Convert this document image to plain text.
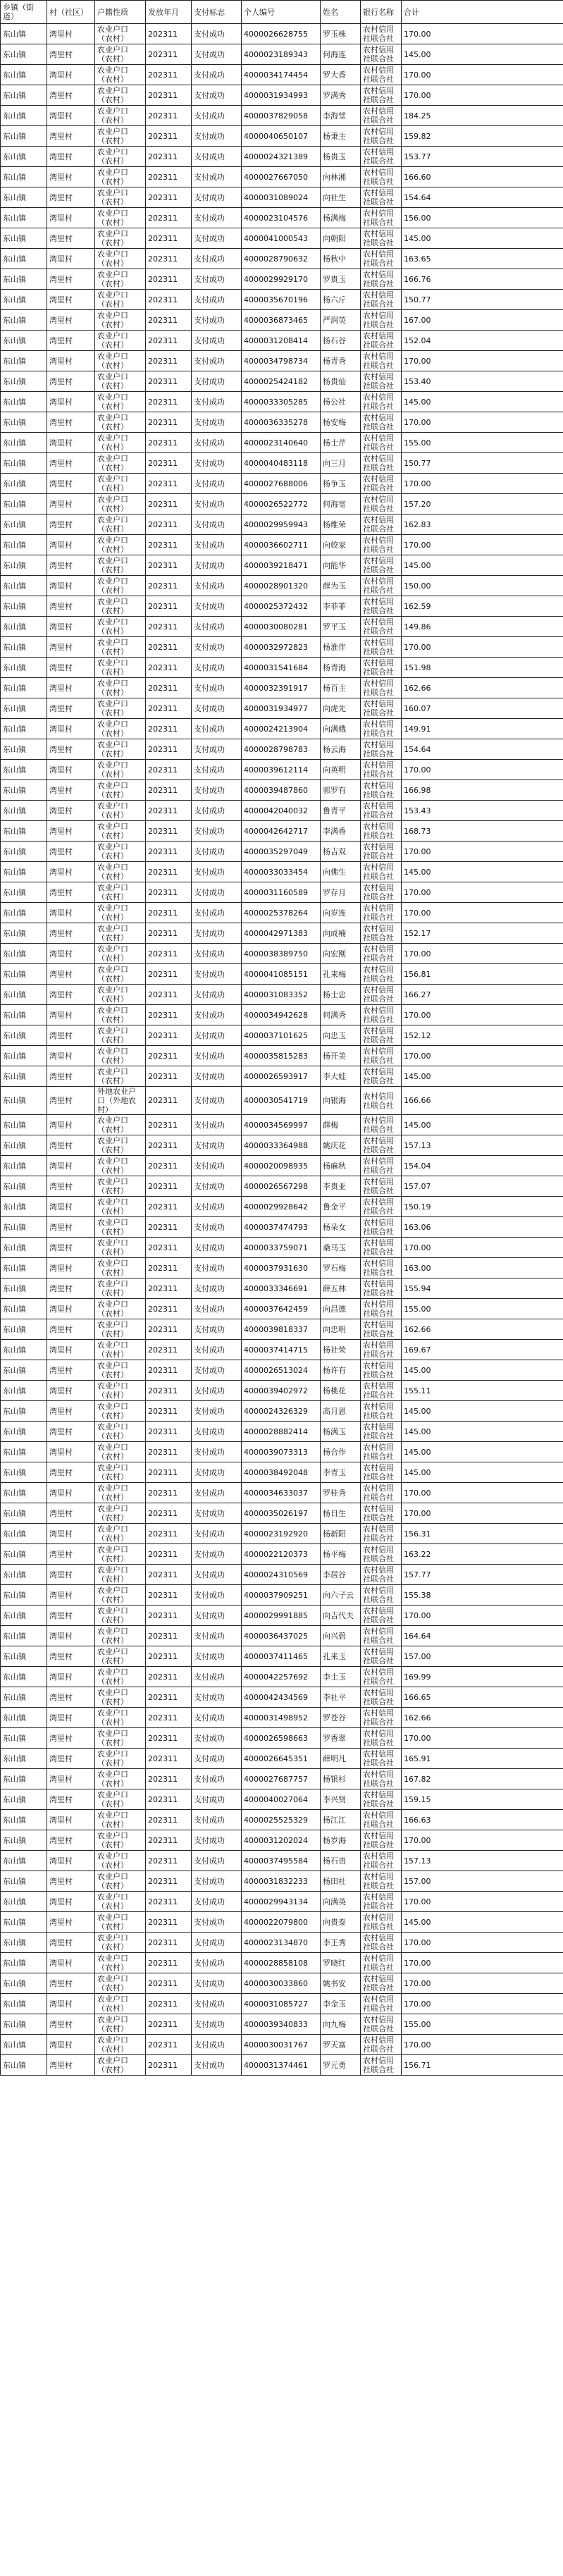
乡镇（街道）	村（社区）	户籍性质	发放年月	支付标志	个人编号	姓名	银行名称	合计
东山镇	湾里村	农业户口（农村）	202311	支付成功	4000026628755	罗玉株	农村信用社联合社	170.00
东山镇	湾里村	农业户口（农村）	202311	支付成功	4000023189343	何海连	农村信用社联合社	145.00
东山镇	湾里村	农业户口（农村）	202311	支付成功	4000034174454	罗大香	农村信用社联合社	170.00
东山镇	湾里村	农业户口（农村）	202311	支付成功	4000031934993	罗满秀	农村信用社联合社	170.00
东山镇	湾里村	农业户口（农村）	202311	支付成功	4000037829058	李海堂	农村信用社联合社	184.25
东山镇	湾里村	农业户口（农村）	202311	支付成功	4000040650107	杨秉主	农村信用社联合社	159.82
东山镇	湾里村	农业户口（农村）	202311	支付成功	4000024321389	杨贵玉	农村信用社联合社	153.77
东山镇	湾里村	农业户口（农村）	202311	支付成功	4000027667050	向林湘	农村信用社联合社	166.60
东山镇	湾里村	农业户口（农村）	202311	支付成功	4000031089024	向社生	农村信用社联合社	154.64
东山镇	湾里村	农业户口（农村）	202311	支付成功	4000023104576	杨满梅	农村信用社联合社	156.00
东山镇	湾里村	农业户口（农村）	202311	支付成功	4000041000543	向朝阳	农村信用社联合社	145.00
东山镇	湾里村	农业户口（农村）	202311	支付成功	4000028790632	杨秋中	农村信用社联合社	163.65
东山镇	湾里村	农业户口（农村）	202311	支付成功	4000029929170	罗贵玉	农村信用社联合社	166.76
东山镇	湾里村	农业户口（农村）	202311	支付成功	4000035670196	杨六斤	农村信用社联合社	150.77
东山镇	湾里村	农业户口（农村）	202311	支付成功	4000036873465	严润英	农村信用社联合社	167.00
东山镇	湾里村	农业户口（农村）	202311	支付成功	4000031208414	扬石谷	农村信用社联合社	152.04
东山镇	湾里村	农业户口（农村）	202311	支付成功	4000034798734	杨青秀	农村信用社联合社	170.00
东山镇	湾里村	农业户口（农村）	202311	支付成功	4000025424182	杨贵仙	农村信用社联合社	153.40
东山镇	湾里村	农业户口（农村）	202311	支付成功	4000033305285	杨公社	农村信用社联合社	145.00
东山镇	湾里村	农业户口（农村）	202311	支付成功	4000036335278	杨安梅	农村信用社联合社	170.00
东山镇	湾里村	农业户口（农村）	202311	支付成功	4000023140640	杨士芹	农村信用社联合社	155.00
东山镇	湾里村	农业户口（农村）	202311	支付成功	4000040483118	向三月	农村信用社联合社	150.77
东山镇	湾里村	农业户口（农村）	202311	支付成功	4000027688006	杨争玉	农村信用社联合社	170.00
东山镇	湾里村	农业户口（农村）	202311	支付成功	4000026522772	何海宽	农村信用社联合社	157.20
东山镇	湾里村	农业户口（农村）	202311	支付成功	4000029959943	杨维荣	农村信用社联合社	162.83
东山镇	湾里村	农业户口（农村）	202311	支付成功	4000036602711	向姣家	农村信用社联合社	170.00
东山镇	湾里村	农业户口（农村）	202311	支付成功	4000039218471	向能华	农村信用社联合社	145.00
东山镇	湾里村	农业户口（农村）	202311	支付成功	4000028901320	薛为玉	农村信用社联合社	150.00
东山镇	湾里村	农业户口（农村）	202311	支付成功	4000025372432	李菲菲	农村信用社联合社	162.59
东山镇	湾里村	农业户口（农村）	202311	支付成功	4000030080281	罗平玉	农村信用社联合社	149.86
东山镇	湾里村	农业户口（农村）	202311	支付成功	4000032972823	杨淮伴	农村信用社联合社	170.00
东山镇	湾里村	农业户口（农村）	202311	支付成功	4000031541684	杨青海	农村信用社联合社	151.98
东山镇	湾里村	农业户口（农村）	202311	支付成功	4000032391917	杨百主	农村信用社联合社	162.66
东山镇	湾里村	农业户口（农村）	202311	支付成功	4000031934977	向虎先	农村信用社联合社	160.07
东山镇	湾里村	农业户口（农村）	202311	支付成功	4000024213904	向满娥	农村信用社联合社	149.91
东山镇	湾里村	农业户口（农村）	202311	支付成功	4000028798783	杨云海	农村信用社联合社	154.64
东山镇	湾里村	农业户口（农村）	202311	支付成功	4000039612114	向英明	农村信用社联合社	170.00
东山镇	湾里村	农业户口（农村）	202311	支付成功	4000039487860	郭罗有	农村信用社联合社	166.98
东山镇	湾里村	农业户口（农村）	202311	支付成功	4000042040032	鲁青平	农村信用社联合社	153.43
东山镇	湾里村	农业户口（农村）	202311	支付成功	4000042642717	李满香	农村信用社联合社	168.73
东山镇	湾里村	农业户口（农村）	202311	支付成功	4000035297049	杨吉双	农村信用社联合社	170.00
东山镇	湾里村	农业户口（农村）	202311	支付成功	4000033033454	向佛生	农村信用社联合社	145.00
东山镇	湾里村	农业户口（农村）	202311	支付成功	4000031160589	罗存月	农村信用社联合社	170.00
东山镇	湾里村	农业户口（农村）	202311	支付成功	4000025378264	向岁连	农村信用社联合社	170.00
东山镇	湾里村	农业户口（农村）	202311	支付成功	4000042971383	向成楠	农村信用社联合社	152.17
东山镇	湾里村	农业户口（农村）	202311	支付成功	4000038389750	向宏刚	农村信用社联合社	170.00
东山镇	湾里村	农业户口（农村）	202311	支付成功	4000041085151	孔来梅	农村信用社联合社	156.81
东山镇	湾里村	农业户口（农村）	202311	支付成功	4000031083352	杨士忠	农村信用社联合社	166.27
东山镇	湾里村	农业户口（农村）	202311	支付成功	4000034942628	何满秀	农村信用社联合社	170.00
东山镇	湾里村	农业户口（农村）	202311	支付成功	4000037101625	向忠玉	农村信用社联合社	152.12
东山镇	湾里村	农业户口（农村）	202311	支付成功	4000035815283	杨开美	农村信用社联合社	170.00
东山镇	湾里村	农业户口（农村）	202311	支付成功	4000026593917	李大娃	农村信用社联合社	145.00
东山镇	湾里村	外地农业户口（外地农村）	202311	支付成功	4000030541719	向银海	农村信用社联合社	166.66
东山镇	湾里村	农业户口（农村）	202311	支付成功	4000034569997	薛梅	农村信用社联合社	145.00
东山镇	湾里村	农业户口（农村）	202311	支付成功	4000033364988	姚庆花	农村信用社联合社	157.13
东山镇	湾里村	农业户口（农村）	202311	支付成功	4000020098935	杨麻秋	农村信用社联合社	154.04
东山镇	湾里村	农业户口（农村）	202311	支付成功	4000026567298	李贵亚	农村信用社联合社	157.07
东山镇	湾里村	农业户口（农村）	202311	支付成功	4000029928642	鲁金平	农村信用社联合社	150.19
东山镇	湾里村	农业户口（农村）	202311	支付成功	4000037474793	杨朵女	农村信用社联合社	163.06
东山镇	湾里村	农业户口（农村）	202311	支付成功	4000033759071	桑马玉	农村信用社联合社	170.00
东山镇	湾里村	农业户口（农村）	202311	支付成功	4000037931630	罗石梅	农村信用社联合社	163.00
东山镇	湾里村	农业户口（农村）	202311	支付成功	4000033346691	薛五林	农村信用社联合社	155.94
东山镇	湾里村	农业户口（农村）	202311	支付成功	4000037642459	向昌德	农村信用社联合社	155.00
东山镇	湾里村	农业户口（农村）	202311	支付成功	4000039818337	向忠明	农村信用社联合社	162.66
东山镇	湾里村	农业户口（农村）	202311	支付成功	4000037414715	杨社荣	农村信用社联合社	169.67
东山镇	湾里村	农业户口（农村）	202311	支付成功	4000026513024	杨许有	农村信用社联合社	145.00
东山镇	湾里村	农业户口（农村）	202311	支付成功	4000039402972	杨桃花	农村信用社联合社	155.11
东山镇	湾里村	农业户口（农村）	202311	支付成功	4000024326329	高月恩	农村信用社联合社	145.00
东山镇	湾里村	农业户口（农村）	202311	支付成功	4000028882414	杨满玉	农村信用社联合社	145.00
东山镇	湾里村	农业户口（农村）	202311	支付成功	4000039073313	杨合作	农村信用社联合社	145.00
东山镇	湾里村	农业户口（农村）	202311	支付成功	4000038492048	李青玉	农村信用社联合社	145.00
东山镇	湾里村	农业户口（农村）	202311	支付成功	4000034633037	罗桂秀	农村信用社联合社	170.00
东山镇	湾里村	农业户口（农村）	202311	支付成功	4000035026197	杨日生	农村信用社联合社	170.00
东山镇	湾里村	农业户口（农村）	202311	支付成功	4000023192920	杨新阳	农村信用社联合社	156.31
东山镇	湾里村	农业户口（农村）	202311	支付成功	4000022120373	杨平梅	农村信用社联合社	163.22
东山镇	湾里村	农业户口（农村）	202311	支付成功	4000024310569	李居谷	农村信用社联合社	157.77
东山镇	湾里村	农业户口（农村）	202311	支付成功	4000037909251	向六子云	农村信用社联合社	155.38
东山镇	湾里村	农业户口（农村）	202311	支付成功	4000029991885	向吉代夫	农村信用社联合社	170.00
东山镇	湾里村	农业户口（农村）	202311	支付成功	4000036437025	向兴碧	农村信用社联合社	164.64
东山镇	湾里村	农业户口（农村）	202311	支付成功	4000037411465	孔来玉	农村信用社联合社	157.00
东山镇	湾里村	农业户口（农村）	202311	支付成功	4000042257692	李士玉	农村信用社联合社	169.99
东山镇	湾里村	农业户口（农村）	202311	支付成功	4000042434569	李社平	农村信用社联合社	166.65
东山镇	湾里村	农业户口（农村）	202311	支付成功	4000031498952	罗苍谷	农村信用社联合社	162.66
东山镇	湾里村	农业户口（农村）	202311	支付成功	4000026598663	罗香翠	农村信用社联合社	170.00
东山镇	湾里村	农业户口（农村）	202311	支付成功	4000026645351	薛明凡	农村信用社联合社	165.91
东山镇	湾里村	农业户口（农村）	202311	支付成功	4000027687757	杨银杉	农村信用社联合社	167.82
东山镇	湾里村	农业户口（农村）	202311	支付成功	4000040027064	李兴贤	农村信用社联合社	159.15
东山镇	湾里村	农业户口（农村）	202311	支付成功	4000025525329	杨江江	农村信用社联合社	166.63
东山镇	湾里村	农业户口（农村）	202311	支付成功	4000031202024	杨岁海	农村信用社联合社	170.00
东山镇	湾里村	农业户口（农村）	202311	支付成功	4000037495584	杨石贵	农村信用社联合社	157.13
东山镇	湾里村	农业户口（农村）	202311	支付成功	4000031832233	杨田社	农村信用社联合社	157.00
东山镇	湾里村	农业户口（农村）	202311	支付成功	4000029943134	向满英	农村信用社联合社	170.00
东山镇	湾里村	农业户口（农村）	202311	支付成功	4000022079800	向贵泰	农村信用社联合社	145.00
东山镇	湾里村	农业户口（农村）	202311	支付成功	4000023134870	李王秀	农村信用社联合社	170.00
东山镇	湾里村	农业户口（农村）	202311	支付成功	4000028858108	罗晓红	农村信用社联合社	170.00
东山镇	湾里村	农业户口（农村）	202311	支付成功	4000030033860	姚书安	农村信用社联合社	170.00
东山镇	湾里村	农业户口（农村）	202311	支付成功	4000031085727	李金玉	农村信用社联合社	170.00
东山镇	湾里村	农业户口（农村）	202311	支付成功	4000039340833	向九梅	农村信用社联合社	155.00
东山镇	湾里村	农业户口（农村）	202311	支付成功	4000030031767	罗天富	农村信用社联合社	170.00
东山镇	湾里村	农业户口（农村）	202311	支付成功	4000031374461	罗元勇	农村信用社联合社	156.71
